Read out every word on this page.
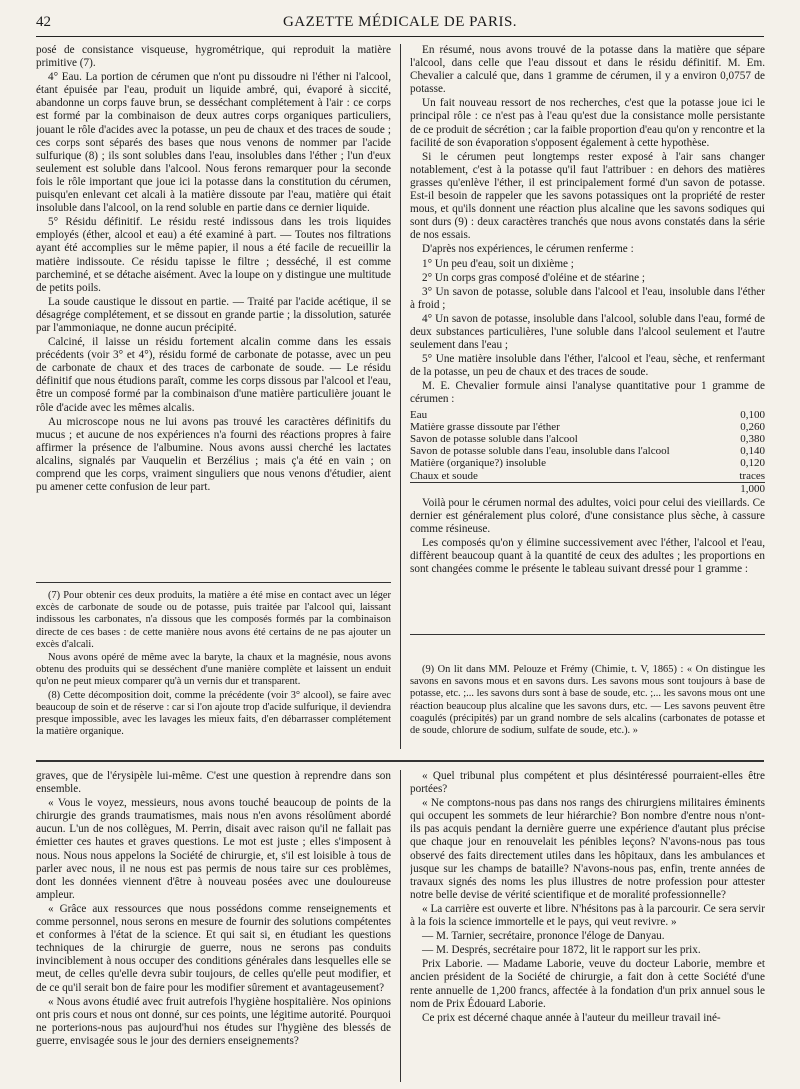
42	GAZETTE MÉDICALE DE PARIS.

posé de consistance visqueuse, hygrométrique, qui reproduit la matière primitive (7).

4° Eau. La portion de cérumen que n'ont pu dissoudre ni l'éther ni l'alcool, étant épuisée par l'eau, produit un liquide ambré, qui, évaporé à siccité, abandonne un corps fauve brun, se desséchant complétement à l'air : ce corps est formé par la combinaison de deux autres corps organiques particuliers, jouant le rôle d'acides avec la potasse, un peu de chaux et des traces de soude ; ces corps sont séparés des bases que nous venons de nommer par l'acide sulfurique (8) ; ils sont solubles dans l'eau, insolubles dans l'éther ; l'un d'eux seulement est soluble dans l'alcool. Nous ferons remarquer pour la seconde fois le rôle important que joue ici la potasse dans la constitution du cérumen, puisqu'en enlevant cet alcali à la matière dissoute par l'eau, matière qui était insoluble dans l'alcool, on la rend soluble en partie dans ce dernier liquide.

5° Résidu définitif. Le résidu resté indissous dans les trois liquides employés (éther, alcool et eau) a été examiné à part. — Toutes nos filtrations ayant été accomplies sur le même papier, il nous a été facile de recueillir la matière indissoute. Ce résidu tapisse le filtre ; desséché, il est comme parcheminé, et se détache aisément. Avec la loupe on y distingue une multitude de petits poils.

La soude caustique le dissout en partie. — Traité par l'acide acétique, il se désagrége complétement, et se dissout en grande partie ; la dissolution, saturée par l'ammoniaque, ne donne aucun précipité.

Calciné, il laisse un résidu fortement alcalin comme dans les essais précédents (voir 3° et 4°), résidu formé de carbonate de potasse, avec un peu de carbonate de chaux et des traces de carbonate de soude. — Le résidu définitif que nous étudions paraît, comme les corps dissous par l'alcool et l'eau, être un composé formé par la combinaison d'une matière particulière jouant le rôle d'acide avec les mêmes alcalis.

Au microscope nous ne lui avons pas trouvé les caractères définitifs du mucus ; et aucune de nos expériences n'a fourni des réactions propres à faire affirmer la présence de l'albumine. Nous avons aussi cherché les lactates alcalins, signalés par Vauquelin et Berzélius ; mais ç'a été en vain ; on comprend que les corps, vraiment singuliers que nous venons d'étudier, aient pu amener cette confusion de leur part.

En résumé, nous avons trouvé de la potasse dans la matière que sépare l'alcool, dans celle que l'eau dissout et dans le résidu définitif. M. Em. Chevalier a calculé que, dans 1 gramme de cérumen, il y a environ 0,0757 de potasse.

Un fait nouveau ressort de nos recherches, c'est que la potasse joue ici le principal rôle : ce n'est pas à l'eau qu'est due la consistance molle persistante de ce produit de sécrétion ; car la faible proportion d'eau qu'on y rencontre et la facilité de son évaporation s'opposent également à cette hypothèse.

Si le cérumen peut longtemps rester exposé à l'air sans changer notablement, c'est à la potasse qu'il faut l'attribuer : en dehors des matières grasses qu'enlève l'éther, il est principalement formé d'un savon de potasse. Est-il besoin de rappeler que les savons potassiques ont la propriété de rester mous, et qu'ils donnent une réaction plus alcaline que les savons sodiques qui sont durs (9) : deux caractères tranchés que nous avons constatés dans la série de nos essais.

D'après nos expériences, le cérumen renferme :

1° Un peu d'eau, soit un dixième ;

2° Un corps gras composé d'oléine et de stéarine ;

3° Un savon de potasse, soluble dans l'alcool et l'eau, insoluble dans l'éther à froid ;

4° Un savon de potasse, insoluble dans l'alcool, soluble dans l'eau, formé de deux substances particulières, l'une soluble dans l'alcool seulement et l'autre seulement dans l'eau ;

5° Une matière insoluble dans l'éther, l'alcool et l'eau, sèche, et renfermant de la potasse, un peu de chaux et des traces de soude.

M. E. Chevalier formule ainsi l'analyse quantitative pour 1 gramme de cérumen :

Eau	0,100
Matière grasse dissoute par l'éther	0,260
Savon de potasse soluble dans l'alcool	0,380
Savon de potasse soluble dans l'eau, insoluble dans l'alcool	0,140
Matière (organique?) insoluble	0,120
Chaux et soude	traces
	1,000

Voilà pour le cérumen normal des adultes, voici pour celui des vieillards. Ce dernier est généralement plus coloré, d'une consistance plus sèche, à cassure comme résineuse.

Les composés qu'on y élimine successivement avec l'éther, l'alcool et l'eau, diffèrent beaucoup quant à la quantité de ceux des adultes ; les proportions en sont changées comme le présente le tableau suivant dressé pour 1 gramme :

(7) Pour obtenir ces deux produits, la matière a été mise en contact avec un léger excès de carbonate de soude ou de potasse, puis traitée par l'alcool qui, laissant indissous les carbonates, n'a dissous que les composés formés par la combinaison directe de ces bases : de cette manière nous avons été certains de ne pas ajouter un excès d'alcali.

Nous avons opéré de même avec la baryte, la chaux et la magnésie, nous avons obtenu des produits qui se desséchent d'une manière complète et laissent un enduit qu'on ne peut mieux comparer qu'à un vernis dur et transparent.

(8) Cette décomposition doit, comme la précédente (voir 3° alcool), se faire avec beaucoup de soin et de réserve : car si l'on ajoute trop d'acide sulfurique, il deviendra presque impossible, avec les lavages les mieux faits, d'en débarrasser complétement la matière organique.

(9) On lit dans MM. Pelouze et Frémy (Chimie, t. V, 1865) : « On distingue les savons en savons mous et en savons durs. Les savons mous sont toujours à base de potasse, etc. ;... les savons durs sont à base de soude, etc. ;... les savons mous ont une réaction beaucoup plus alcaline que les savons durs, etc. — Les savons peuvent être coagulés (précipités) par un grand nombre de sels alcalins (carbonates de potasse et de soude, chlorure de sodium, sulfate de soude, etc.). »

graves, que de l'érysipèle lui-même. C'est une question à reprendre dans son ensemble.

« Vous le voyez, messieurs, nous avons touché beaucoup de points de la chirurgie des grands traumatismes, mais nous n'en avons résolûment abordé aucun. L'un de nos collègues, M. Perrin, disait avec raison qu'il ne fallait pas émietter ces hautes et graves questions. Le mot est juste ; elles s'imposent à nous. Nous nous appelons la Société de chirurgie, et, s'il est loisible à tous de parler avec nous, il ne nous est pas permis de nous taire sur ces problèmes, dont les données viennent d'être à nouveau posées avec une douloureuse ampleur.

« Grâce aux ressources que nous possédons comme renseignements et comme personnel, nous serons en mesure de fournir des solutions compétentes et conformes à l'état de la science. Et qui sait si, en étudiant les questions techniques de la chirurgie de guerre, nous ne serons pas conduits invinciblement à nous occuper des conditions générales dans lesquelles elle se meut, de celles qu'elle devra subir toujours, de celles qu'elle peut modifier, et de ce qu'il serait bon de faire pour les modifier sûrement et avantageusement?

« Nous avons étudié avec fruit autrefois l'hygiène hospitalière. Nos opinions ont pris cours et nous ont donné, sur ces points, une légitime autorité. Pourquoi ne porterions-nous pas aujourd'hui nos études sur l'hygiène des blessés de guerre, envisagée sous le jour des derniers enseignements?

« Quel tribunal plus compétent et plus désintéressé pourraient-elles être portées?

« Ne comptons-nous pas dans nos rangs des chirurgiens militaires éminents qui occupent les sommets de leur hiérarchie? Bon nombre d'entre nous n'ont-ils pas acquis pendant la dernière guerre une expérience d'autant plus précise que chaque jour en renouvelait les pénibles leçons? N'avons-nous pas tous observé des faits directement utiles dans les hôpitaux, dans les ambulances et jusque sur les champs de bataille? N'avons-nous pas, enfin, trente années de travaux signés des noms les plus illustres de notre profession pour attester notre belle devise de vérité scientifique et de moralité professionnelle?

« La carrière est ouverte et libre. N'hésitons pas à la parcourir. Ce sera servir à la fois la science immortelle et le pays, qui veut revivre. »

— M. Tarnier, secrétaire, prononce l'éloge de Danyau.

— M. Després, secrétaire pour 1872, lit le rapport sur les prix.

Prix Laborie. — Madame Laborie, veuve du docteur Laborie, membre et ancien président de la Société de chirurgie, a fait don à cette Société d'une rente annuelle de 1,200 francs, affectée à la fondation d'un prix annuel sous le nom de Prix Édouard Laborie.

Ce prix est décerné chaque année à l'auteur du meilleur travail iné-
